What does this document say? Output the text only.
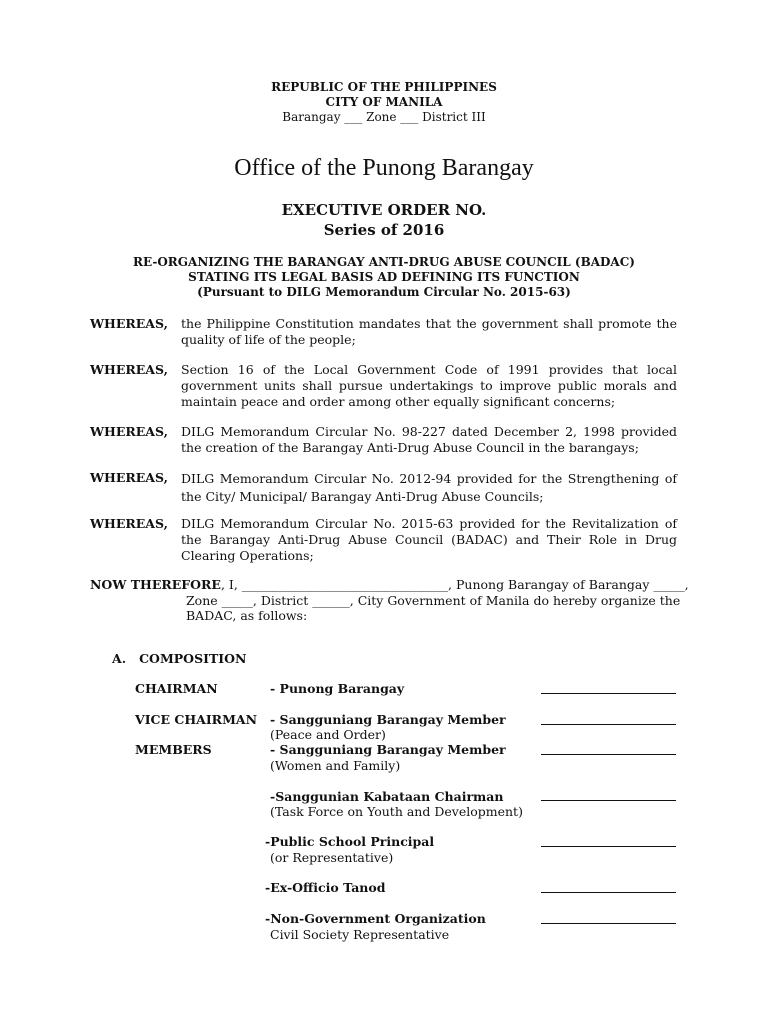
REPUBLIC OF THE PHILIPPINES
CITY OF MANILA
Barangay ___ Zone ___ District III
Office of the Punong Barangay
EXECUTIVE ORDER NO.
Series of 2016
RE-ORGANIZING THE BARANGAY ANTI-DRUG ABUSE COUNCIL (BADAC)
STATING ITS LEGAL BASIS AD DEFINING ITS FUNCTION
(Pursuant to DILG Memorandum Circular No. 2015-63)
WHEREAS, the Philippine Constitution mandates that the government shall promote the quality of life of the people;
WHEREAS, Section 16 of the Local Government Code of 1991 provides that local government units shall pursue undertakings to improve public morals and maintain peace and order among other equally significant concerns;
WHEREAS, DILG Memorandum Circular No. 98-227 dated December 2, 1998 provided the creation of the Barangay Anti-Drug Abuse Council in the barangays;
WHEREAS, DILG Memorandum Circular No. 2012-94 provided for the Strengthening of the City/ Municipal/ Barangay Anti-Drug Abuse Councils;
WHEREAS, DILG Memorandum Circular No. 2015-63 provided for the Revitalization of the Barangay Anti-Drug Abuse Council (BADAC) and Their Role in Drug Clearing Operations;
NOW THEREFORE, I, _________________________________, Punong Barangay of Barangay _____,
Zone _____, District ______, City Government of Manila do hereby organize the
BADAC, as follows:
A.   COMPOSITION
CHAIRMAN	- Punong Barangay
VICE CHAIRMAN - Sangguniang Barangay Member
(Peace and Order)
MEMBERS	- Sangguniang Barangay Member
(Women and Family)
-Sanggunian Kabataan Chairman
(Task Force on Youth and Development)
-Public School Principal
(or Representative)
-Ex-Officio Tanod
-Non-Government Organization
Civil Society Representative
